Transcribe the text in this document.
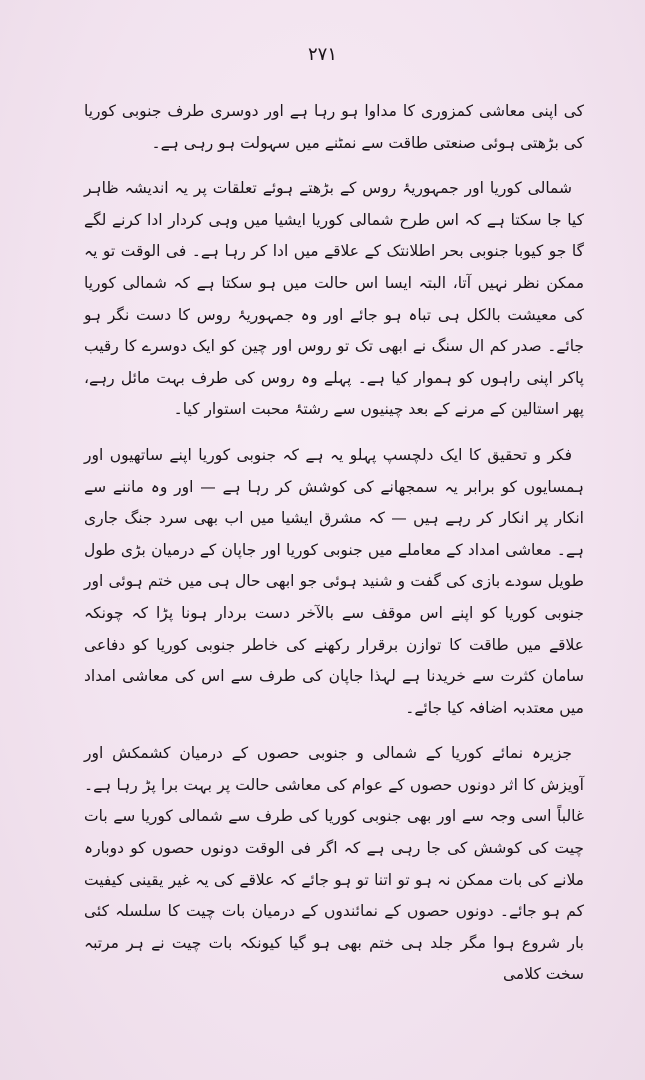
۲۷۱

کی اپنی معاشی کمزوری کا مداوا ہو رہا ہے اور دوسری طرف جنوبی کوریا کی بڑھتی ہوئی صنعتی طاقت سے نمٹنے میں سہولت ہو رہی ہے۔

شمالی کوریا اور جمہوریۂ روس کے بڑھتے ہوئے تعلقات پر یہ اندیشہ ظاہر کیا جا سکتا ہے کہ اس طرح شمالی کوریا ایشیا میں وہی کردار ادا کرنے لگے گا جو کیوبا جنوبی بحر اطلانتک کے علاقے میں ادا کر رہا ہے۔ فی الوقت تو یہ ممکن نظر نہیں آتا، البتہ ایسا اس حالت میں ہو سکتا ہے کہ شمالی کوریا کی معیشت بالکل ہی تباہ ہو جائے اور وہ جمہوریۂ روس کا دست نگر ہو جائے۔ صدر کم ال سنگ نے ابھی تک تو روس اور چین کو ایک دوسرے کا رقیب پاکر اپنی راہوں کو ہموار کیا ہے۔ پہلے وہ روس کی طرف بہت مائل رہے، پھر استالین کے مرنے کے بعد چینیوں سے رشتۂ محبت استوار کیا۔

فکر و تحقیق کا ایک دلچسپ پہلو یہ ہے کہ جنوبی کوریا اپنے ساتھیوں اور ہمسایوں کو برابر یہ سمجھانے کی کوشش کر رہا ہے — اور وہ ماننے سے انکار پر انکار کر رہے ہیں — کہ مشرق ایشیا میں اب بھی سرد جنگ جاری ہے۔ معاشی امداد کے معاملے میں جنوبی کوریا اور جاپان کے درمیان بڑی طول طویل سودے بازی کی گفت و شنید ہوئی جو ابھی حال ہی میں ختم ہوئی اور جنوبی کوریا کو اپنے اس موقف سے بالآخر دست بردار ہونا پڑا کہ چونکہ علاقے میں طاقت کا توازن برقرار رکھنے کی خاطر جنوبی کوریا کو دفاعی سامان کثرت سے خریدنا ہے لہذا جاپان کی طرف سے اس کی معاشی امداد میں معتدبہ اضافہ کیا جائے۔

جزیرہ نمائے کوریا کے شمالی و جنوبی حصوں کے درمیان کشمکش اور آویزش کا اثر دونوں حصوں کے عوام کی معاشی حالت پر بہت برا پڑ رہا ہے۔ غالباً اسی وجہ سے اور بھی جنوبی کوریا کی طرف سے شمالی کوریا سے بات چیت کی کوشش کی جا رہی ہے کہ اگر فی الوقت دونوں حصوں کو دوبارہ ملانے کی بات ممکن نہ ہو تو اتنا تو ہو جائے کہ علاقے کی یہ غیر یقینی کیفیت کم ہو جائے۔ دونوں حصوں کے نمائندوں کے درمیان بات چیت کا سلسلہ کئی بار شروع ہوا مگر جلد ہی ختم بھی ہو گیا کیونکہ بات چیت نے ہر مرتبہ سخت کلامی
